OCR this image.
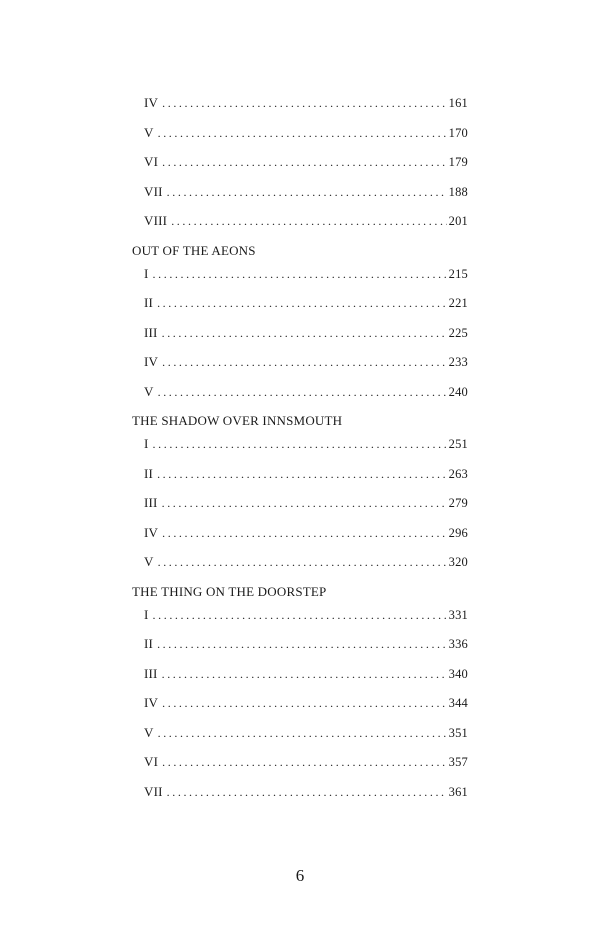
IV .....	161
V .....	170
VI .....	179
VII .....	188
VIII .....	201
OUT OF THE AEONS
I .....	215
II .....	221
III .....	225
IV .....	233
V .....	240
THE SHADOW OVER INNSMOUTH
I .....	251
II .....	263
III .....	279
IV .....	296
V .....	320
THE THING ON THE DOORSTEP
I .....	331
II .....	336
III .....	340
IV .....	344
V .....	351
VI .....	357
VII .....	361
6
